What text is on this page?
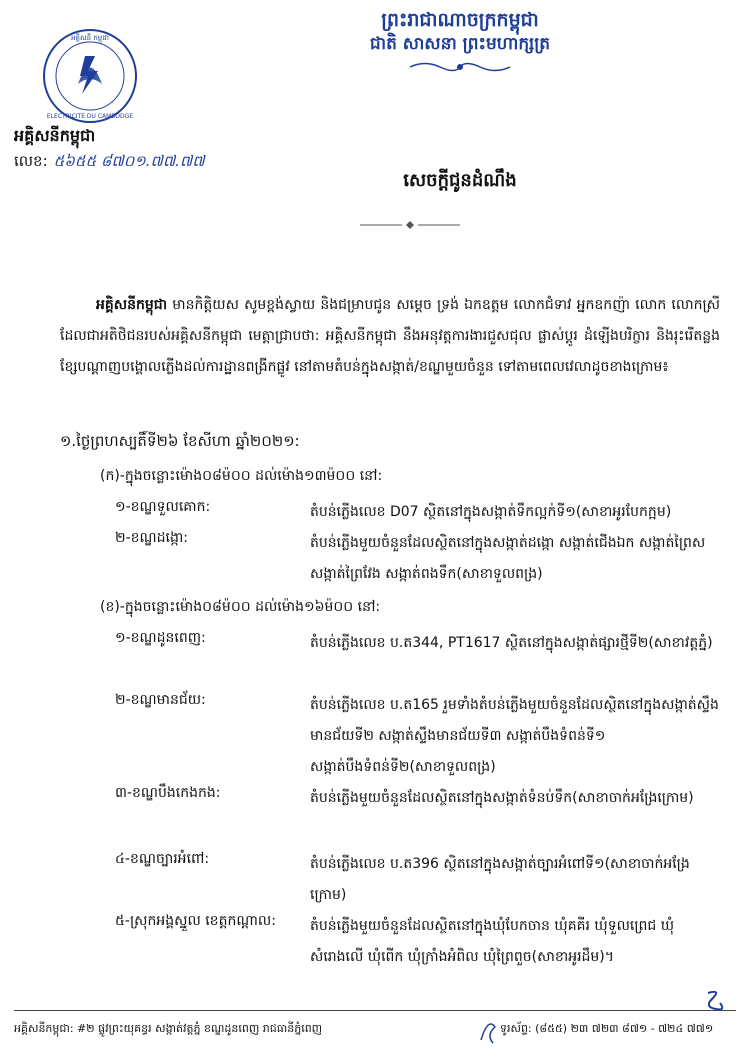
ព្រះរាជាណាចក្រកម្ពុជា
ជាតិ សាសនា ព្រះមហាក្សត្រ
អគ្គិសនី កម្ពុជា
ELECTRICITE DU CAMBODGE
អគ្គិសនីកម្ពុជា
លេខ: ៥៦៥៥ ៨៧០១.៧៧.៧៧
សេចក្តីជូនដំណឹង
អគ្គិសនីកម្ពុជា មានកិត្តិយស សូមខ្ពង់ស្វាយ និងជម្រាបជូន សម្តេច ទ្រង់ ឯកឧត្តម លោកជំទាវ អ្នកឧកញ៉ា លោក លោកស្រី ដែលជាអតិថិជនរបស់អគ្គិសនីកម្ពុជា មេត្តាជ្រាបថា: អគ្គិសនីកម្ពុជា នឹងអនុវត្តការងារជួសជុល ផ្លាស់ប្តូរ ដំឡើងបរិក្ខារ និងរុះរើតន្លងខ្សែបណ្តាញបង្គោលភ្លើងដល់ការដ្ឋានពង្រីកផ្លូវ នៅតាមតំបន់ក្នុងសង្កាត់/ខណ្ឌមួយចំនួន ទៅតាមពេលវេលាដូចខាងក្រោម៖
១.ថ្ងៃព្រហស្បតិ៍ទី២៦ ខែសីហា ឆ្នាំ២០២១:
(ក)-ក្នុងចន្លោះម៉ោង០៨ម៉០០ ដល់ម៉ោង១៣ម៉០០ នៅ:
១-ខណ្ឌទួលគោក:	តំបន់ភ្លើងលេខ D07 ស្ថិតនៅក្នុងសង្កាត់ទឹកល្អក់ទី១(សាខាអូរបែកក្អម)
២-ខណ្ឌដង្កោ:	តំបន់ភ្លើងមួយចំនួនដែលស្ថិតនៅក្នុងសង្កាត់ដង្កោ សង្កាត់ជើងឯក សង្កាត់ព្រៃស សង្កាត់ព្រៃវែង សង្កាត់ពងទឹក(សាខាទួលពង្រ)
(ខ)-ក្នុងចន្លោះម៉ោង០៨ម៉០០ ដល់ម៉ោង១៦ម៉០០ នៅ:
១-ខណ្ឌដូនពេញ:	តំបន់ភ្លើងលេខ ប.ត344, PT1617 ស្ថិតនៅក្នុងសង្កាត់ផ្សារថ្មីទី២(សាខាវត្តភ្នំ)
២-ខណ្ឌមានជ័យ:	តំបន់ភ្លើងលេខ ប.ត165 រួមទាំងតំបន់ភ្លើងមួយចំនួនដែលស្ថិតនៅក្នុងសង្កាត់ស្ទឹងមានជ័យទី២ សង្កាត់ស្ទឹងមានជ័យទី៣ សង្កាត់បឹងទំពន់ទី១ សង្កាត់បឹងទំពន់ទី២(សាខាទួលពង្រ)
៣-ខណ្ឌបឹងកេងកង:	តំបន់ភ្លើងមួយចំនួនដែលស្ថិតនៅក្នុងសង្កាត់ទំនប់ទឹក(សាខាចាក់អង្រែក្រោម)
៤-ខណ្ឌច្បារអំពៅ:	តំបន់ភ្លើងលេខ ប.ត396 ស្ថិតនៅក្នុងសង្កាត់ច្បារអំពៅទី១(សាខាចាក់អង្រែក្រោម)
៥-ស្រុកអង្គស្នួល ខេត្តកណ្តាល:	តំបន់ភ្លើងមួយចំនួនដែលស្ថិតនៅក្នុងឃុំបែកចាន ឃុំគគីរ ឃុំទួលព្រេជ ឃុំសំរោងលើ ឃុំពើក ឃុំក្រាំងអំពិល ឃុំព្រៃពួច(សាខាអូរដឹម)។
អគ្គិសនីកម្ពុជា: #២ ផ្លូវព្រះយុគន្ធរ សង្កាត់វត្តភ្នំ ខណ្ឌដូនពេញ រាជធានីភ្នំពេញ	ទូរស័ព្ទ: (៨៥៥) ២៣ ៧២៣ ៨៧១ - ៧២៤ ៧៧១
